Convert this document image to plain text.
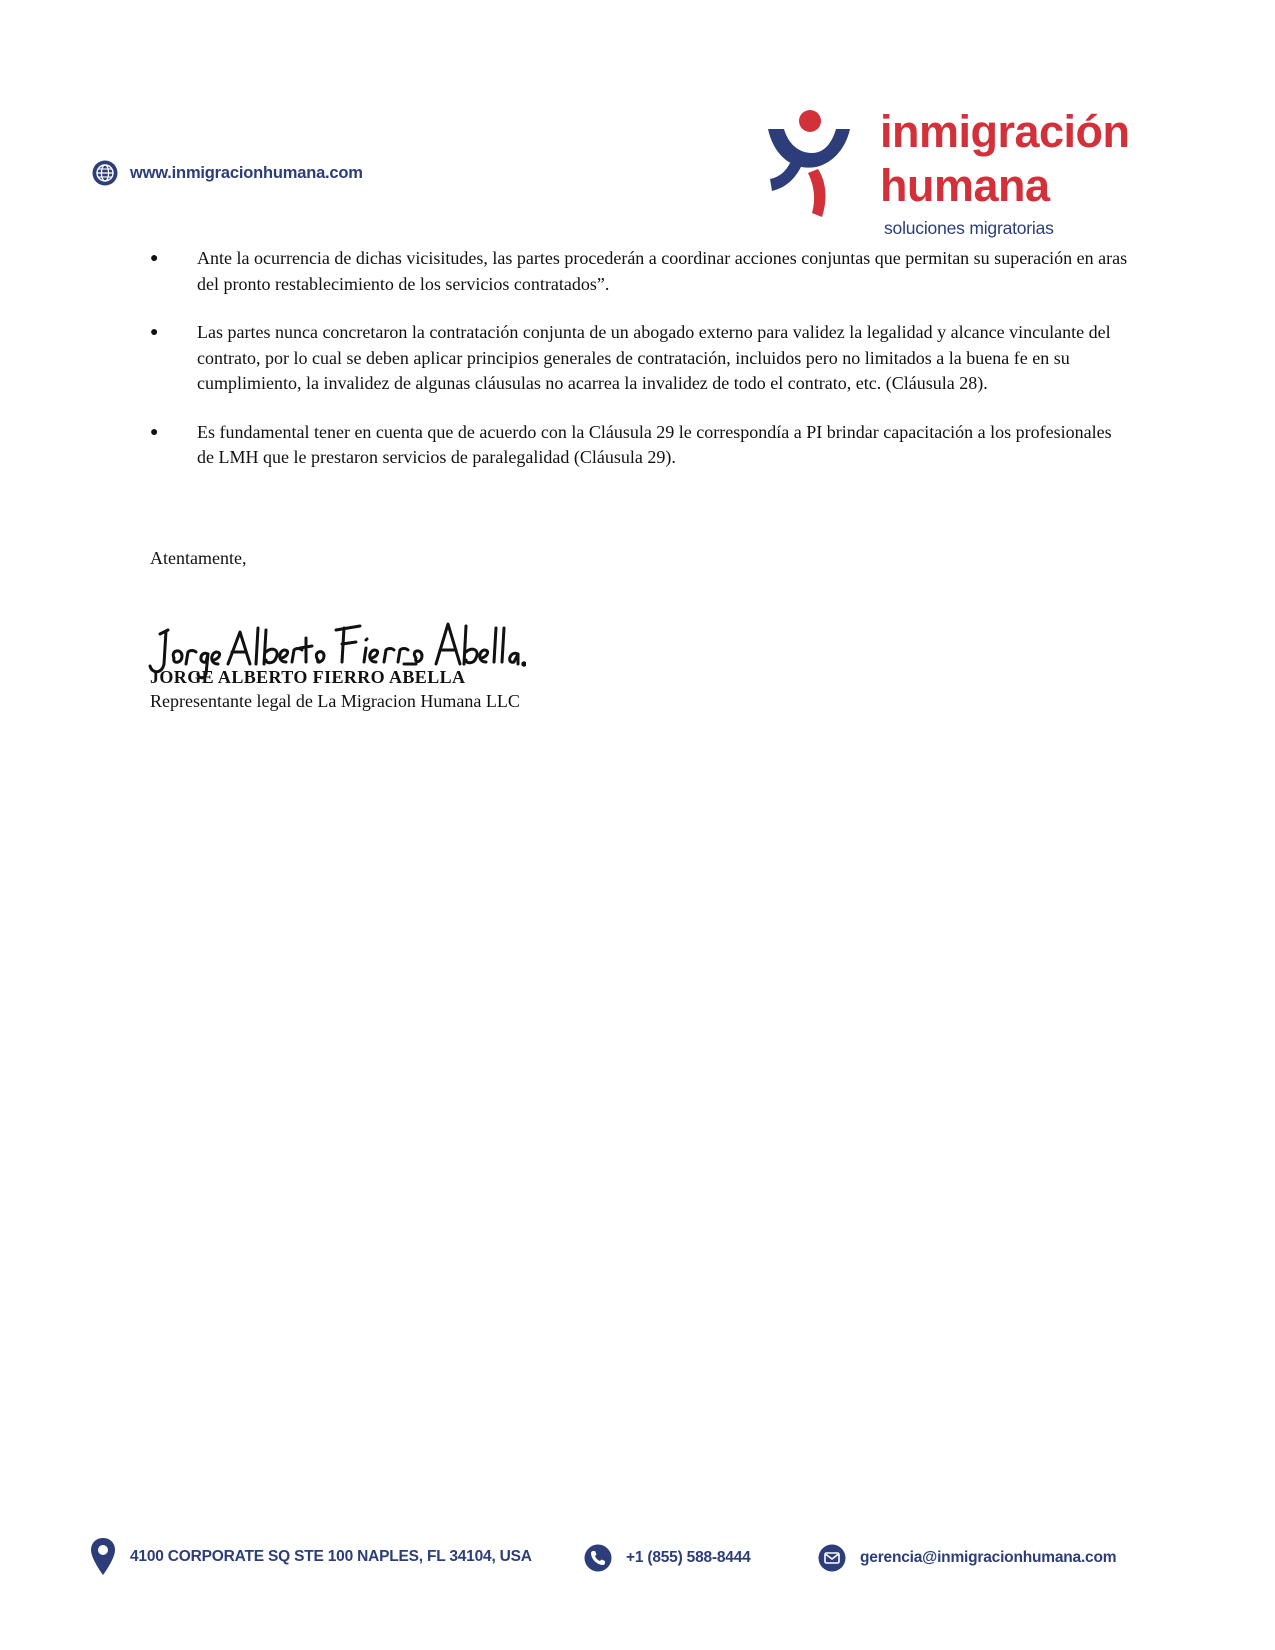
www.inmigracionhumana.com
inmigración
humana
soluciones migratorias
● Ante la ocurrencia de dichas vicisitudes, las partes procederán a coordinar acciones conjuntas que permitan su superación en aras del pronto restablecimiento de los servicios contratados”.
● Las partes nunca concretaron la contratación conjunta de un abogado externo para validez la legalidad y alcance vinculante del contrato, por lo cual se deben aplicar principios generales de contratación, incluidos pero no limitados a la buena fe en su cumplimiento, la invalidez de algunas cláusulas no acarrea la invalidez de todo el contrato, etc. (Cláusula 28).
● Es fundamental tener en cuenta que de acuerdo con la Cláusula 29 le correspondía a PI brindar capacitación a los profesionales de LMH que le prestaron servicios de paralegalidad (Cláusula 29).
Atentamente,
JORGE ALBERTO FIERRO ABELLA
Representante legal de La Migracion Humana LLC
4100 CORPORATE SQ STE 100 NAPLES, FL 34104, USA	+1 (855) 588-8444	gerencia@inmigracionhumana.com
